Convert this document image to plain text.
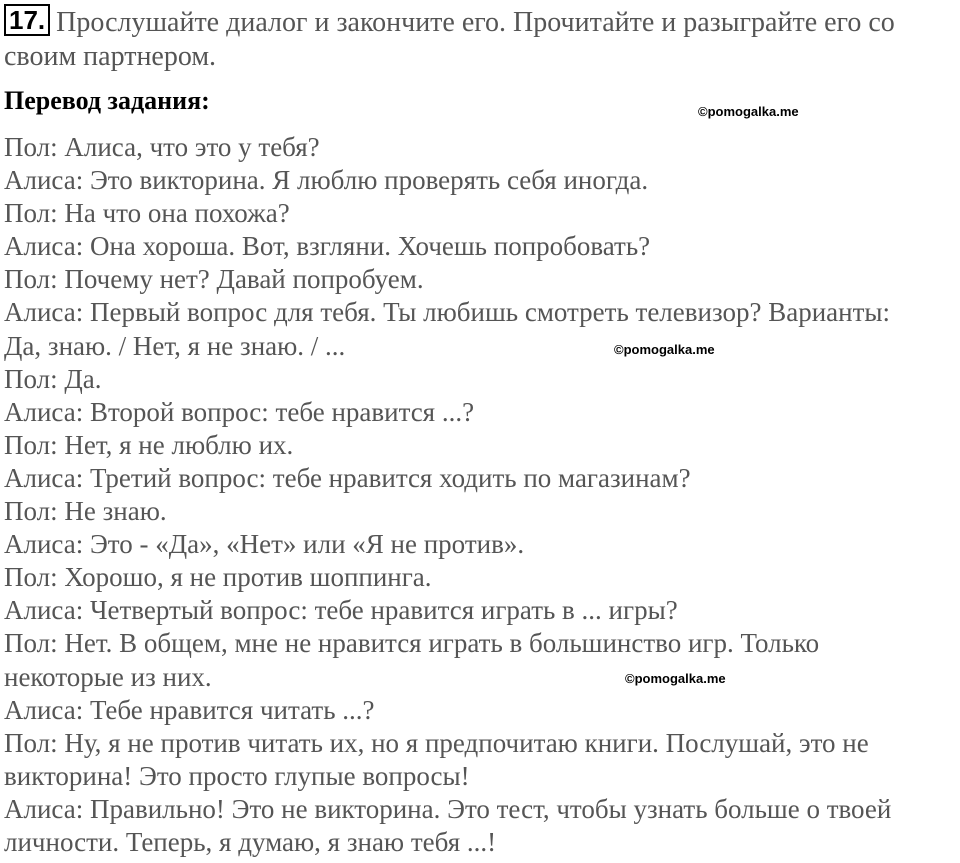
17. Прослушайте диалог и закончите его. Прочитайте и разыграйте его со
своим партнером.
Перевод задания:	©pomogalka.me
©pomogalka.me
©pomogalka.me
Пол: Алиса, что это у тебя?
Алиса: Это викторина. Я люблю проверять себя иногда.
Пол: На что она похожа?
Алиса: Она хороша. Вот, взгляни. Хочешь попробовать?
Пол: Почему нет? Давай попробуем.
Алиса: Первый вопрос для тебя. Ты любишь смотреть телевизор? Варианты:
Да, знаю. / Нет, я не знаю. / ...
Пол: Да.
Алиса: Второй вопрос: тебе нравится ...?
Пол: Нет, я не люблю их.
Алиса: Третий вопрос: тебе нравится ходить по магазинам?
Пол: Не знаю.
Алиса: Это - «Да», «Нет» или «Я не против».
Пол: Хорошо, я не против шоппинга.
Алиса: Четвертый вопрос: тебе нравится играть в ... игры?
Пол: Нет. В общем, мне не нравится играть в большинство игр. Только
некоторые из них.
Алиса: Тебе нравится читать ...?
Пол: Ну, я не против читать их, но я предпочитаю книги. Послушай, это не
викторина! Это просто глупые вопросы!
Алиса: Правильно! Это не викторина. Это тест, чтобы узнать больше о твоей
личности. Теперь, я думаю, я знаю тебя ...!
